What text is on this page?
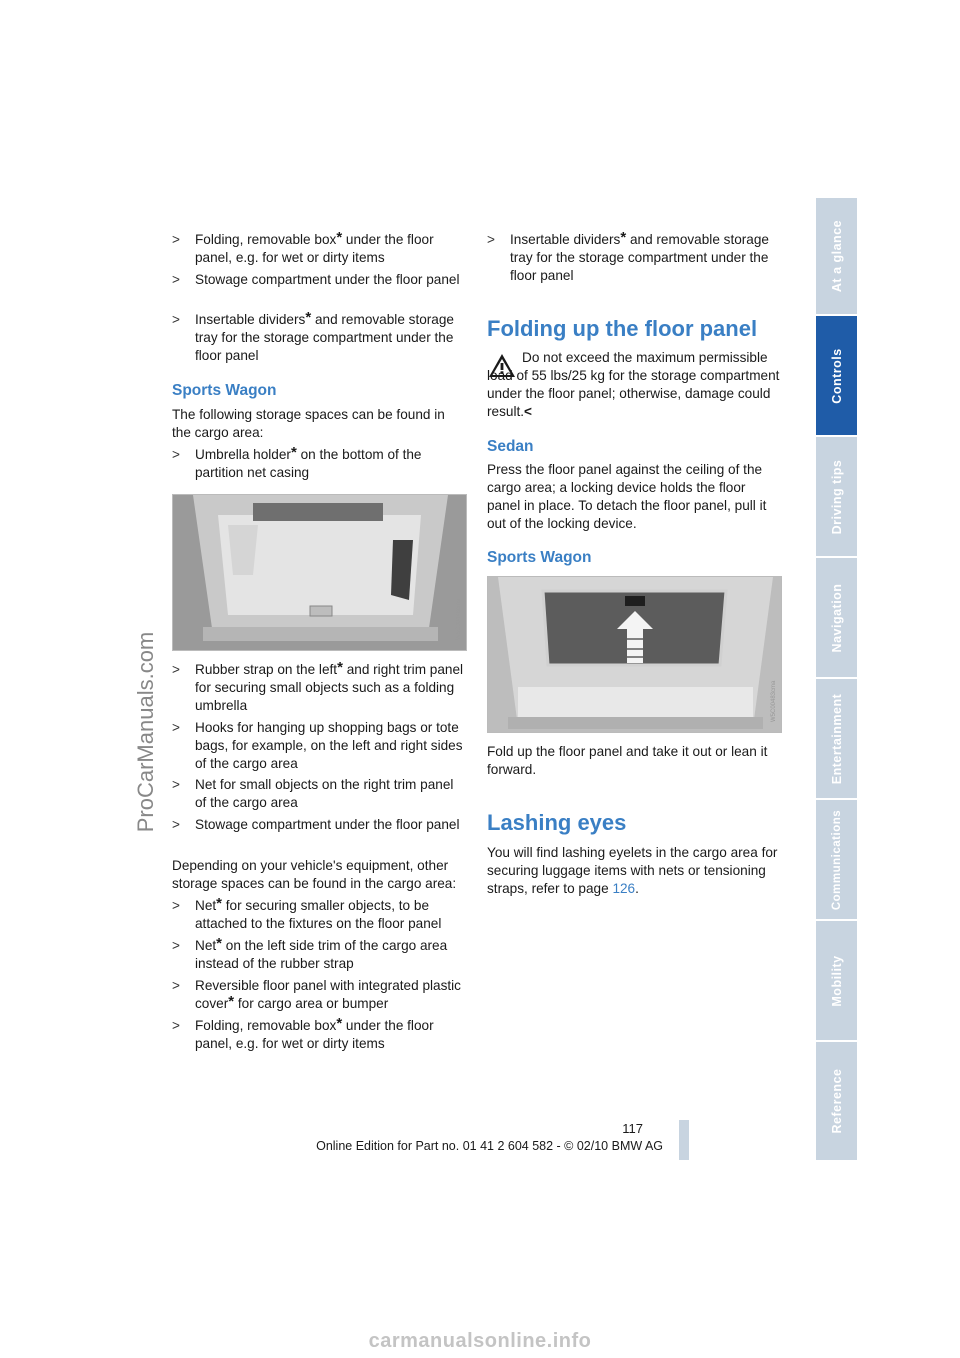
At a glance
Controls
Driving tips
Navigation
Entertainment
Communications
Mobility
Reference
ProCarManuals.com
> Folding, removable box* under the floor panel, e.g. for wet or dirty items
> Stowage compartment under the floor panel
> Insertable dividers* and removable storage tray for the storage compartment under the floor panel
Sports Wagon
The following storage spaces can be found in the cargo area:
> Umbrella holder* on the bottom of the partition net casing
W5C00448cma
> Rubber strap on the left* and right trim panel for securing small objects such as a folding umbrella
> Hooks for hanging up shopping bags or tote bags, for example, on the left and right sides of the cargo area
> Net for small objects on the right trim panel of the cargo area
> Stowage compartment under the floor panel
Depending on your vehicle's equipment, other storage spaces can be found in the cargo area:
> Net* for securing smaller objects, to be attached to the fixtures on the floor panel
> Net* on the left side trim of the cargo area instead of the rubber strap
> Reversible floor panel with integrated plastic cover* for cargo area or bumper
> Folding, removable box* under the floor panel, e.g. for wet or dirty items
> Insertable dividers* and removable storage tray for the storage compartment under the floor panel
Folding up the floor panel
Do not exceed the maximum permissible load of 55 lbs/25 kg for the storage compartment under the floor panel; otherwise, damage could result.<
Sedan
Press the floor panel against the ceiling of the cargo area; a locking device holds the floor panel in place. To detach the floor panel, pull it out of the locking device.
Sports Wagon
W5C00483cma
Fold up the floor panel and take it out or lean it forward.
Lashing eyes
You will find lashing eyelets in the cargo area for securing luggage items with nets or tensioning straps, refer to page 126.
117
Online Edition for Part no. 01 41 2 604 582 - © 02/10 BMW AG
carmanualsonline.info
